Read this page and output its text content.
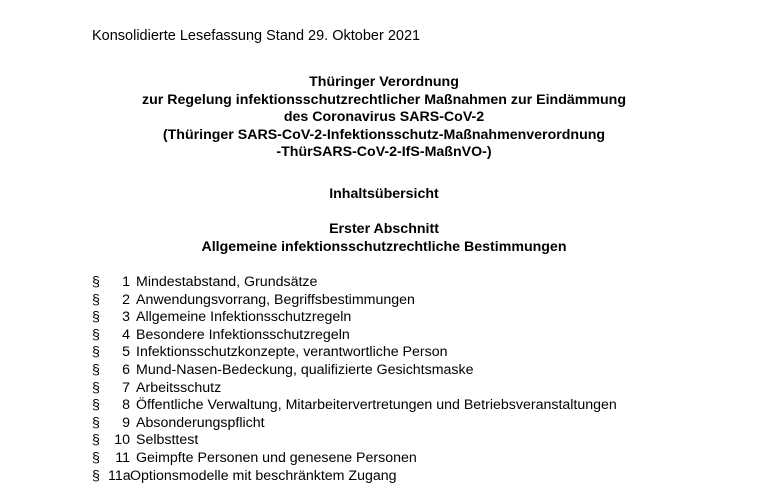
Konsolidierte Lesefassung Stand 29. Oktober 2021
Thüringer Verordnung
zur Regelung infektionsschutzrechtlicher Maßnahmen zur Eindämmung
des Coronavirus SARS-CoV-2
(Thüringer SARS-CoV-2-Infektionsschutz-Maßnahmenverordnung
-ThürSARS-CoV-2-IfS-MaßnVO-)
Inhaltsübersicht
Erster Abschnitt
Allgemeine infektionsschutzrechtliche Bestimmungen
§	1 Mindestabstand, Grundsätze
§	2 Anwendungsvorrang, Begriffsbestimmungen
§	3 Allgemeine Infektionsschutzregeln
§	4 Besondere Infektionsschutzregeln
§	5 Infektionsschutzkonzepte, verantwortliche Person
§	6 Mund-Nasen-Bedeckung, qualifizierte Gesichtsmaske
§	7 Arbeitsschutz
§	8 Öffentliche Verwaltung, Mitarbeitervertretungen und Betriebsveranstaltungen
§	9 Absonderungspflicht
§	10 Selbsttest
§	11 Geimpfte Personen und genesene Personen
§ 11a Optionsmodelle mit beschränktem Zugang
